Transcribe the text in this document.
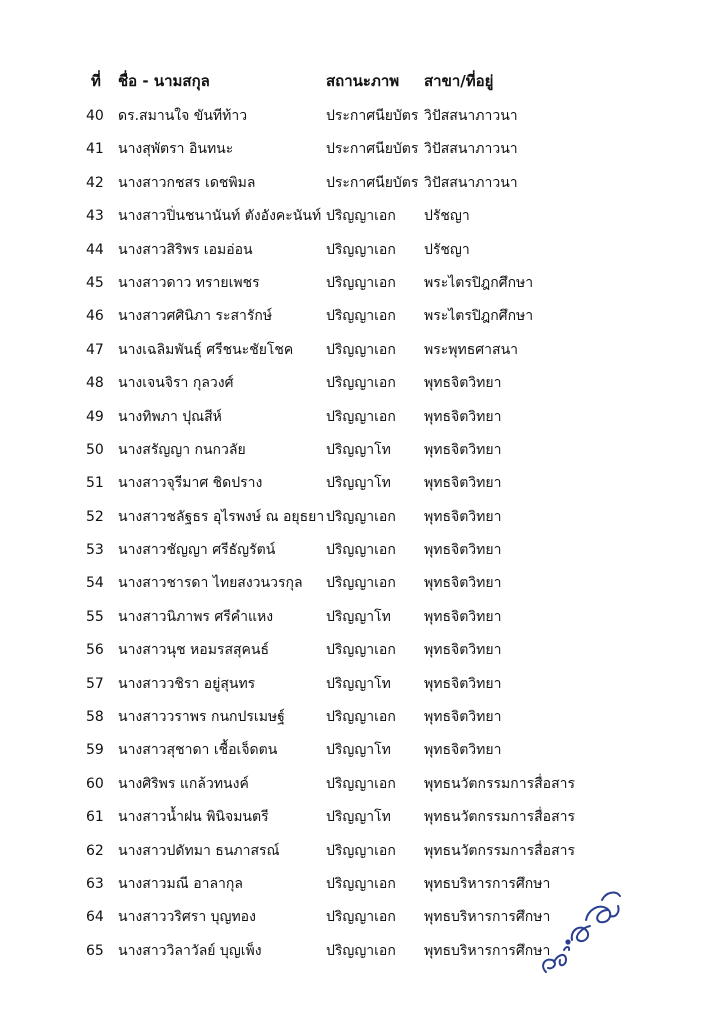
ที่ ชื่อ - นามสกุล	สถานะภาพ สาขา/ที่อยู่
40 ดร.สมานใจ ขันทีท้าว	ประกาศนียบัตร วิปัสสนาภาวนา
41 นางสุพัตรา อินทนะ	ประกาศนียบัตร วิปัสสนาภาวนา
42 นางสาวกชสร เดชพิมล	ประกาศนียบัตร วิปัสสนาภาวนา
43 นางสาวปิ่นชนานันท์ ตังอังคะนันท์ ปริญญาเอก ปรัชญา
44 นางสาวสิริพร เอมอ่อน	ปริญญาเอก ปรัชญา
45 นางสาวดาว ทรายเพชร	ปริญญาเอก พระไตรปิฎกศึกษา
46 นางสาวศศินิภา ระสารักษ์	ปริญญาเอก พระไตรปิฎกศึกษา
47 นางเฉลิมพันธุ์ ศรีชนะชัยโชค ปริญญาเอก พระพุทธศาสนา
48 นางเจนจิรา กุลวงศ์	ปริญญาเอก พุทธจิตวิทยา
49 นางทิพภา ปุณสีห์	ปริญญาเอก พุทธจิตวิทยา
50 นางสรัญญา กนกวลัย	ปริญญาโท พุทธจิตวิทยา
51 นางสาวจุรีมาศ ชิดปราง	ปริญญาโท พุทธจิตวิทยา
52 นางสาวชลัฐธร อุไรพงษ์ ณ อยุธยา ปริญญาเอก พุทธจิตวิทยา
53 นางสาวชัญญา ศรีธัญรัตน์	ปริญญาเอก พุทธจิตวิทยา
54 นางสาวชารดา ไทยสงวนวรกุล ปริญญาเอก พุทธจิตวิทยา
55 นางสาวนิภาพร ศรีคำแหง	ปริญญาโท พุทธจิตวิทยา
56 นางสาวนุช หอมรสสุคนธ์	ปริญญาเอก พุทธจิตวิทยา
57 นางสาววชิรา อยู่สุนทร	ปริญญาโท พุทธจิตวิทยา
58 นางสาววราพร กนกปรเมษฐ์	ปริญญาเอก พุทธจิตวิทยา
59 นางสาวสุชาดา เชื้อเจ็ดตน	ปริญญาโท พุทธจิตวิทยา
60 นางศิริพร แกล้วทนงค์	ปริญญาเอก พุทธนวัตกรรมการสื่อสาร
61 นางสาวน้ำฝน พินิจมนตรี	ปริญญาโท พุทธนวัตกรรมการสื่อสาร
62 นางสาวปดัทมา ธนภาสรณ์	ปริญญาเอก พุทธนวัตกรรมการสื่อสาร
63 นางสาวมณี อาลากุล	ปริญญาเอก พุทธบริหารการศึกษา
64 นางสาววริศรา บุญทอง	ปริญญาเอก พุทธบริหารการศึกษา
65 นางสาววิลาวัลย์ บุญเพ็ง	ปริญญาเอก พุทธบริหารการศึกษา
